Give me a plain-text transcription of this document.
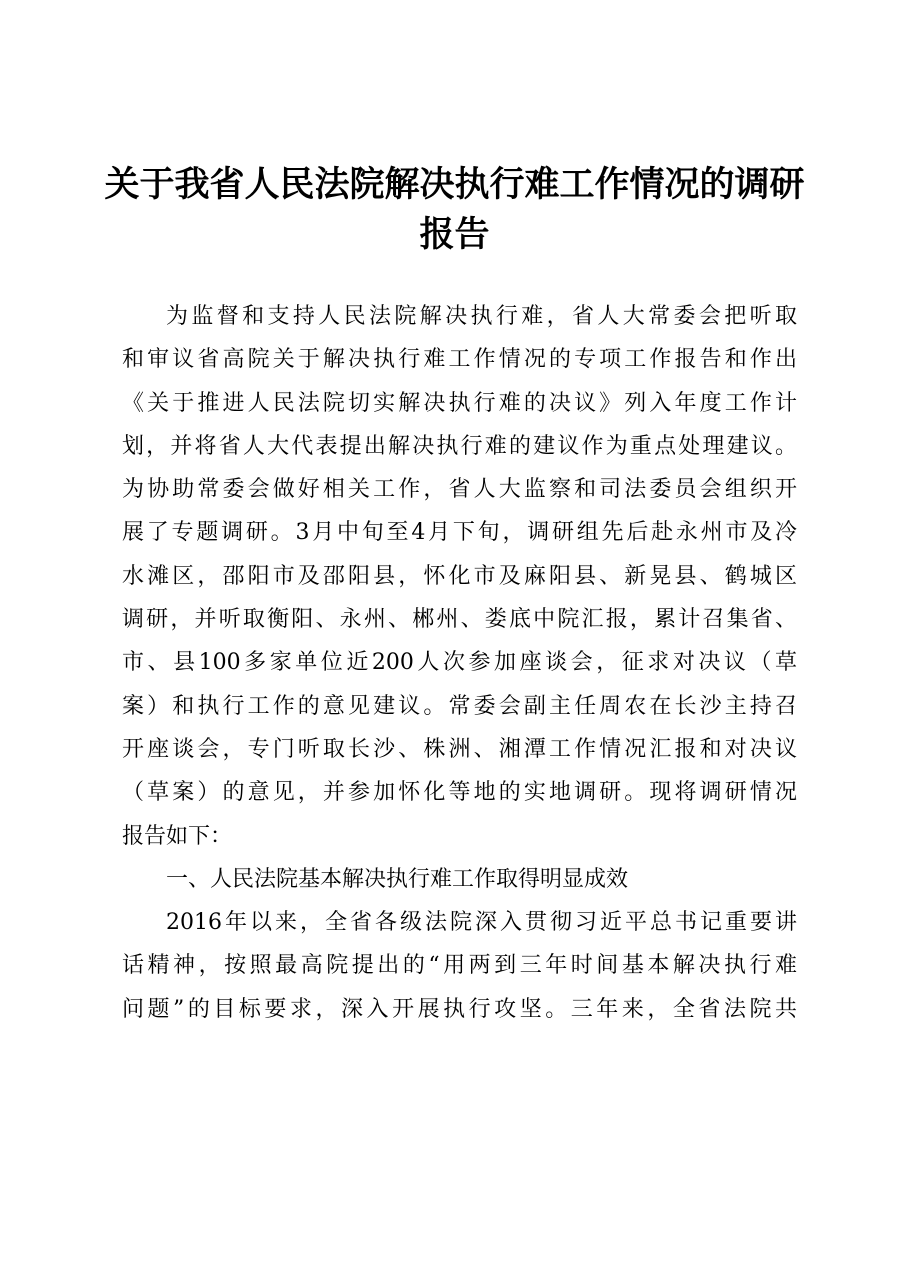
关于我省人民法院解决执行难工作情况的调研
报告
为监督和支持人民法院解决执行难，省人大常委会把听取
和审议省高院关于解决执行难工作情况的专项工作报告和作出
《关于推进人民法院切实解决执行难的决议》列入年度工作计
划，并将省人大代表提出解决执行难的建议作为重点处理建议。
为协助常委会做好相关工作，省人大监察和司法委员会组织开
展了专题调研。3月中旬至4月下旬，调研组先后赴永州市及冷
水滩区，邵阳市及邵阳县，怀化市及麻阳县、新晃县、鹤城区
调研，并听取衡阳、永州、郴州、娄底中院汇报，累计召集省、
市、县100多家单位近200人次参加座谈会，征求对决议（草
案）和执行工作的意见建议。常委会副主任周农在长沙主持召
开座谈会，专门听取长沙、株洲、湘潭工作情况汇报和对决议
（草案）的意见，并参加怀化等地的实地调研。现将调研情况
报告如下：
一、人民法院基本解决执行难工作取得明显成效
2016年以来，全省各级法院深入贯彻习近平总书记重要讲
话精神，按照最高院提出的“用两到三年时间基本解决执行难
问题”的目标要求，深入开展执行攻坚。三年来，全省法院共
